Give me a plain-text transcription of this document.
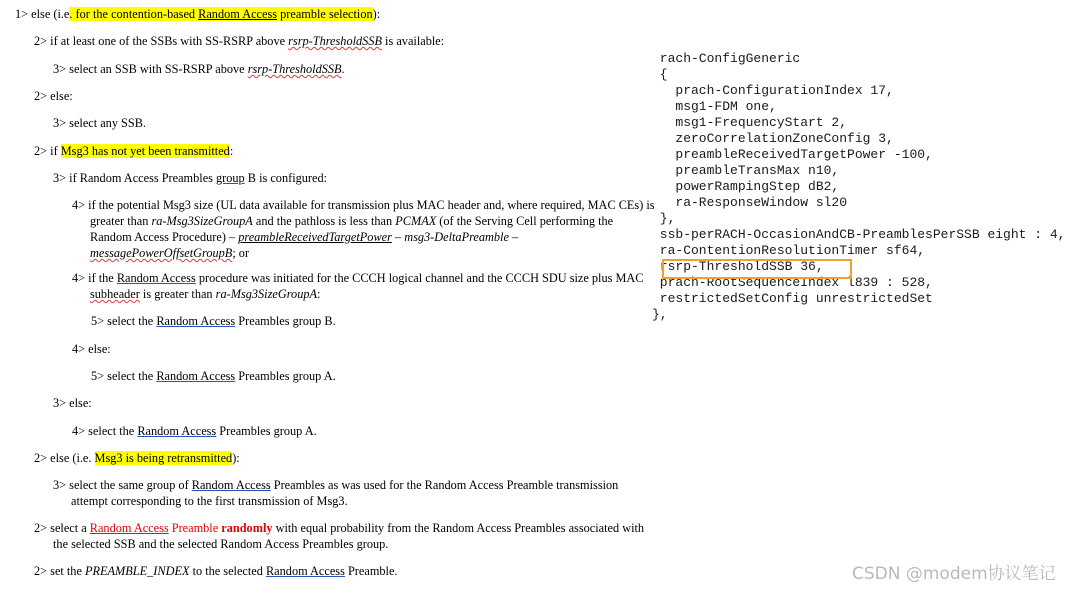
1> else (i.e. for the contention-based Random Access preamble selection):
2> if at least one of the SSBs with SS-RSRP above rsrp-ThresholdSSB is available:
3> select an SSB with SS-RSRP above rsrp-ThresholdSSB.
2> else:
3> select any SSB.
2> if Msg3 has not yet been transmitted:
3> if Random Access Preambles group B is configured:
4> if the potential Msg3 size (UL data available for transmission plus MAC header and, where required, MAC CEs) is greater than ra-Msg3SizeGroupA and the pathloss is less than PCMAX (of the Serving Cell performing the Random Access Procedure) – preambleReceivedTargetPower – msg3-DeltaPreamble – messagePowerOffsetGroupB; or
4> if the Random Access procedure was initiated for the CCCH logical channel and the CCCH SDU size plus MAC subheader is greater than ra-Msg3SizeGroupA:
5> select the Random Access Preambles group B.
4> else:
5> select the Random Access Preambles group A.
3> else:
4> select the Random Access Preambles group A.
2> else (i.e. Msg3 is being retransmitted):
3> select the same group of Random Access Preambles as was used for the Random Access Preamble transmission attempt corresponding to the first transmission of Msg3.
2> select a Random Access Preamble randomly with equal probability from the Random Access Preambles associated with the selected SSB and the selected Random Access Preambles group.
2> set the PREAMBLE_INDEX to the selected Random Access Preamble.
rach-ConfigGeneric
{
prach-ConfigurationIndex 17,
msg1-FDM one,
msg1-FrequencyStart 2,
zeroCorrelationZoneConfig 3,
preambleReceivedTargetPower -100,
preambleTransMax n10,
powerRampingStep dB2,
ra-ResponseWindow sl20
},
ssb-perRACH-OccasionAndCB-PreamblesPerSSB eight : 4,
ra-ContentionResolutionTimer sf64,
rsrp-ThresholdSSB 36,
prach-RootSequenceIndex l839 : 528,
restrictedSetConfig unrestrictedSet
},
CSDN @modem协议笔记
